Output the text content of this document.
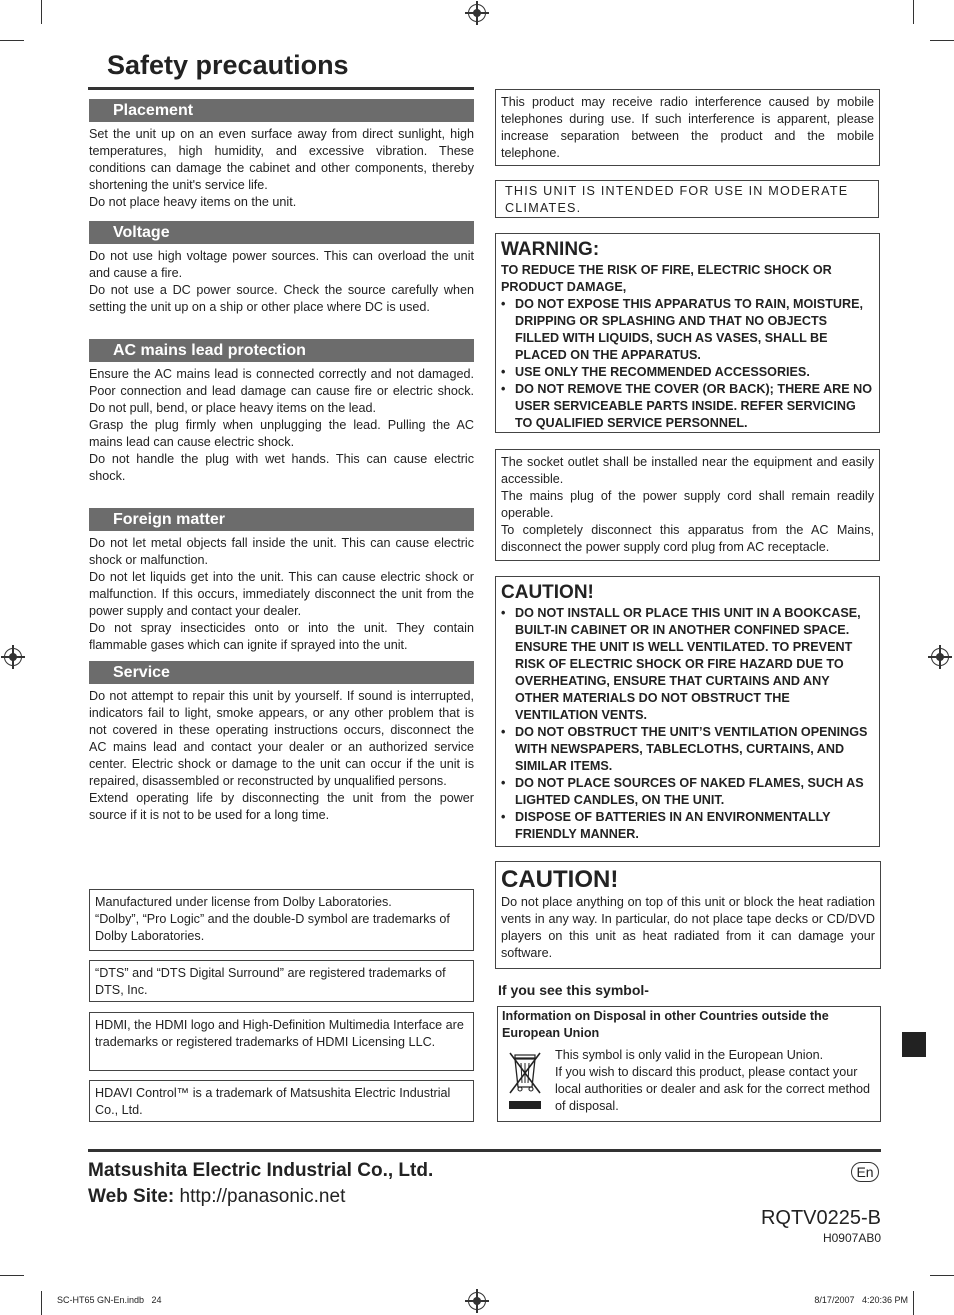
Safety precautions
Placement

Set the unit up on an even surface away from direct sunlight, high temperatures, high humidity, and excessive vibration. These conditions can damage the cabinet and other components, thereby shortening the unit's service life.

Do not place heavy items on the unit.

Voltage

Do not use high voltage power sources. This can overload the unit and cause a fire.

Do not use a DC power source. Check the source carefully when setting the unit up on a ship or other place where DC is used.

AC mains lead protection

Ensure the AC mains lead is connected correctly and not damaged. Poor connection and lead damage can cause fire or electric shock. Do not pull, bend, or place heavy items on the lead.

Grasp the plug firmly when unplugging the lead. Pulling the AC mains lead can cause electric shock.

Do not handle the plug with wet hands. This can cause electric shock.

Foreign matter

Do not let metal objects fall inside the unit. This can cause electric shock or malfunction.

Do not let liquids get into the unit. This can cause electric shock or malfunction. If this occurs, immediately disconnect the unit from the power supply and contact your dealer.

Do not spray insecticides onto or into the unit. They contain flammable gases which can ignite if sprayed into the unit.

Service

Do not attempt to repair this unit by yourself. If sound is interrupted, indicators fail to light, smoke appears, or any other problem that is not covered in these operating instructions occurs, disconnect the AC mains lead and contact your dealer or an authorized service center. Electric shock or damage to the unit can occur if the unit is repaired, disassembled or reconstructed by unqualified persons.

Extend operating life by disconnecting the unit from the power source if it is not to be used for a long time.

Manufactured under license from Dolby Laboratories.

“Dolby”, “Pro Logic” and the double-D symbol are trademarks of Dolby Laboratories.

“DTS” and “DTS Digital Surround” are registered trademarks of DTS, Inc.

HDMI, the HDMI logo and High-Definition Multimedia Interface are trademarks or registered trademarks of HDMI Licensing LLC.

HDAVI Control™ is a trademark of Matsushita Electric Industrial Co., Ltd.

This product may receive radio interference caused by mobile telephones during use. If such interference is apparent, please increase separation between the product and the mobile telephone.

THIS UNIT IS INTENDED FOR USE IN MODERATE CLIMATES.

WARNING:
TO REDUCE THE RISK OF FIRE, ELECTRIC SHOCK OR PRODUCT DAMAGE,
• DO NOT EXPOSE THIS APPARATUS TO RAIN, MOISTURE, DRIPPING OR SPLASHING AND THAT NO OBJECTS FILLED WITH LIQUIDS, SUCH AS VASES, SHALL BE PLACED ON THE APPARATUS.
• USE ONLY THE RECOMMENDED ACCESSORIES.
• DO NOT REMOVE THE COVER (OR BACK); THERE ARE NO USER SERVICEABLE PARTS INSIDE. REFER SERVICING TO QUALIFIED SERVICE PERSONNEL.

The socket outlet shall be installed near the equipment and easily accessible.

The mains plug of the power supply cord shall remain readily operable.

To completely disconnect this apparatus from the AC Mains, disconnect the power supply cord plug from AC receptacle.

CAUTION!
• DO NOT INSTALL OR PLACE THIS UNIT IN A BOOKCASE, BUILT-IN CABINET OR IN ANOTHER CONFINED SPACE. ENSURE THE UNIT IS WELL VENTILATED. TO PREVENT RISK OF ELECTRIC SHOCK OR FIRE HAZARD DUE TO OVERHEATING, ENSURE THAT CURTAINS AND ANY OTHER MATERIALS DO NOT OBSTRUCT THE VENTILATION VENTS.
• DO NOT OBSTRUCT THE UNIT’S VENTILATION OPENINGS WITH NEWSPAPERS, TABLECLOTHS, CURTAINS, AND SIMILAR ITEMS.
• DO NOT PLACE SOURCES OF NAKED FLAMES, SUCH AS LIGHTED CANDLES, ON THE UNIT.
• DISPOSE OF BATTERIES IN AN ENVIRONMENTALLY FRIENDLY MANNER.
CAUTION!

Do not place anything on top of this unit or block the heat radiation vents in any way. In particular, do not place tape decks or CD/DVD players on this unit as heat radiated from it can damage your software.

If you see this symbol-
Information on Disposal in other Countries outside the European Union

This symbol is only valid in the European Union.

If you wish to discard this product, please contact your local authorities or dealer and ask for the correct method of disposal.

Matsushita Electric Industrial Co., Ltd.
Web Site: http://panasonic.net
En
RQTV0225-B
H0907AB0
SC-HT65 GN-En.indb   24	8/17/2007   4:20:36 PM
